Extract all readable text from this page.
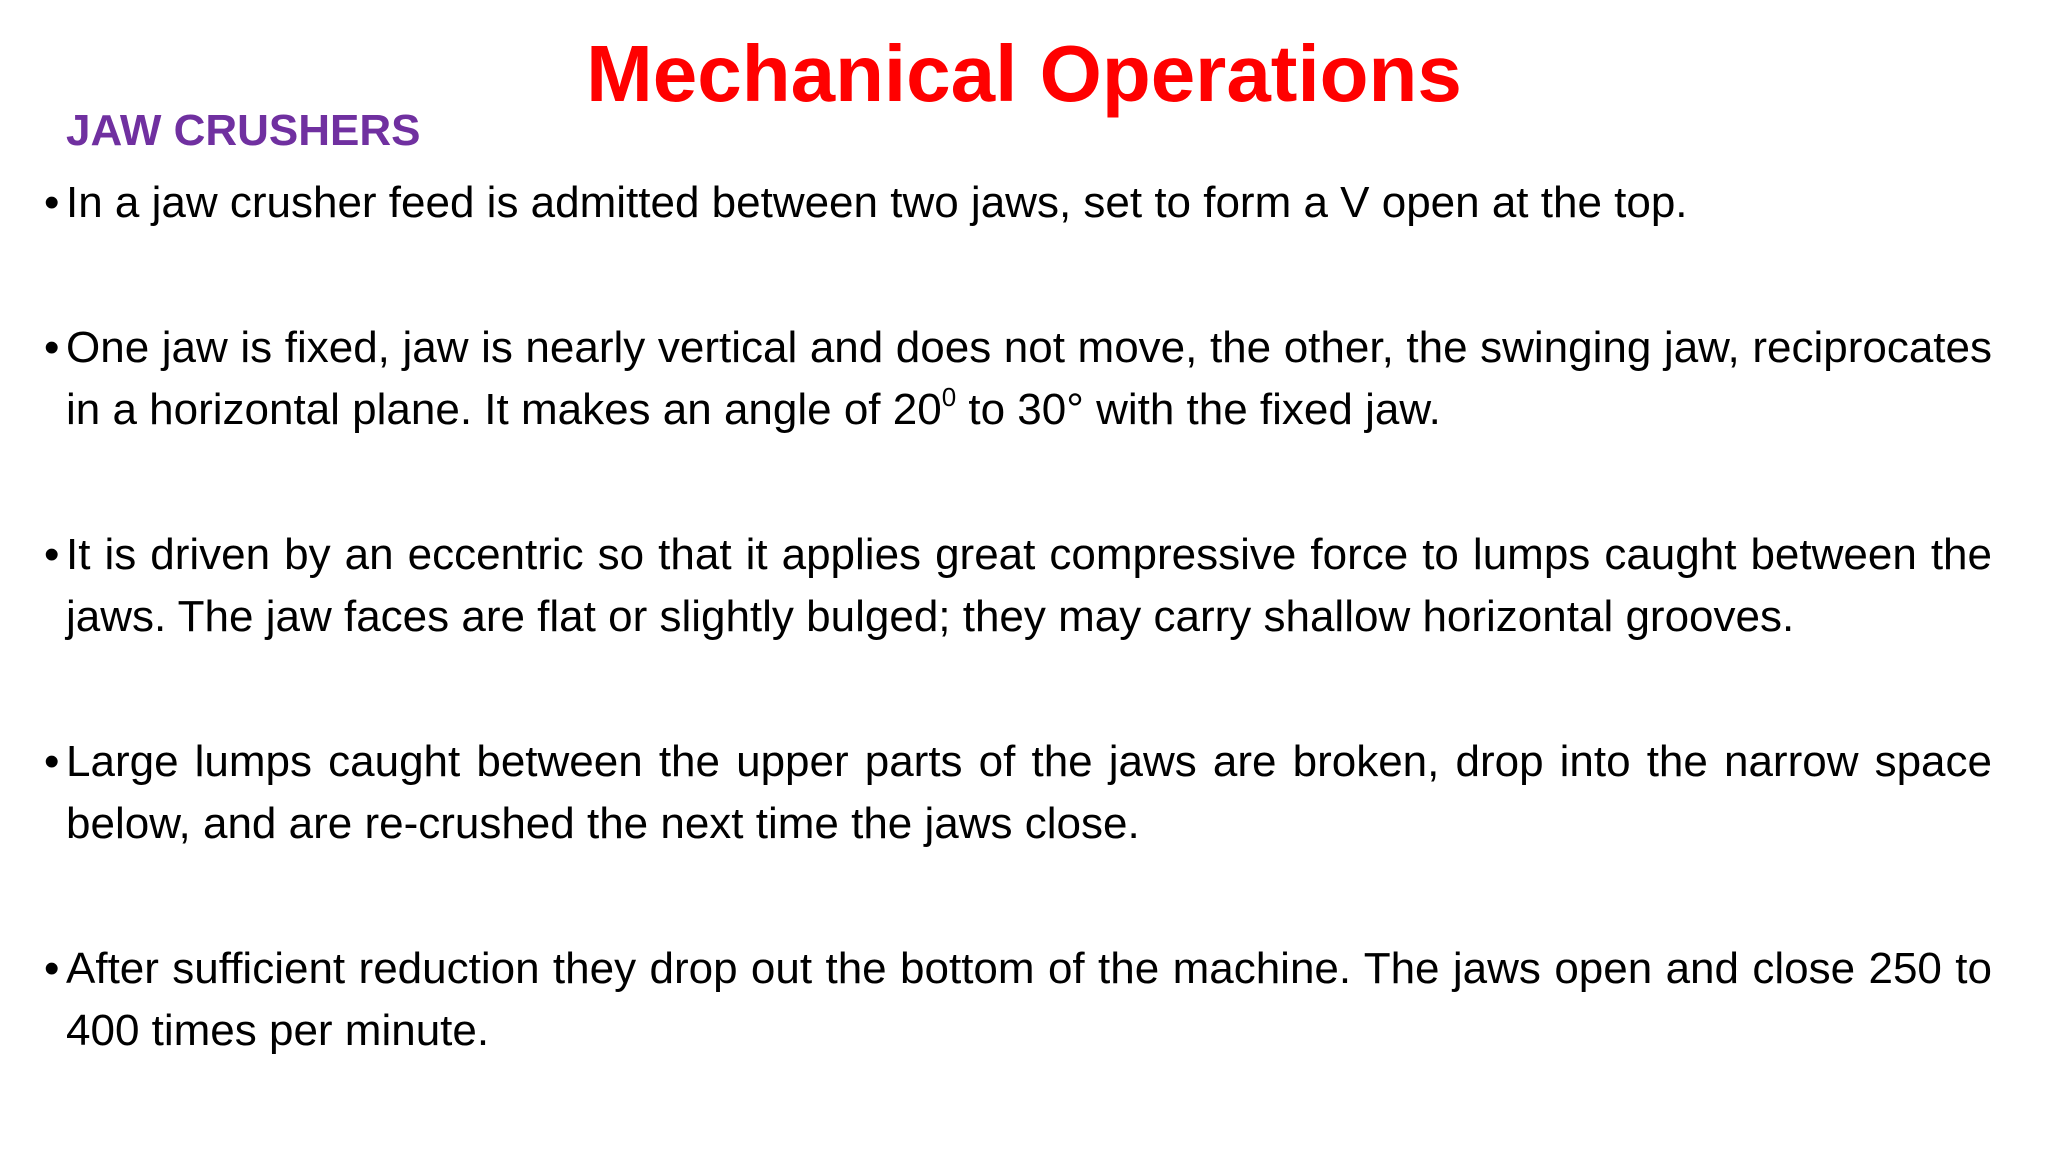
Mechanical Operations
JAW CRUSHERS
• In a jaw crusher feed is admitted between two jaws, set to form a V open at the top.
• One jaw is fixed, jaw is nearly vertical and does not move, the other, the swinging jaw, reciprocates in a horizontal plane. It makes an angle of $20^0$ to 30° with the fixed jaw.
• It is driven by an eccentric so that it applies great compressive force to lumps caught between the jaws. The jaw faces are flat or slightly bulged; they may carry shallow horizontal grooves.
• Large lumps caught between the upper parts of the jaws are broken, drop into the narrow space below, and are re-crushed the next time the jaws close.
• After sufficient reduction they drop out the bottom of the machine. The jaws open and close 250 to 400 times per minute.
